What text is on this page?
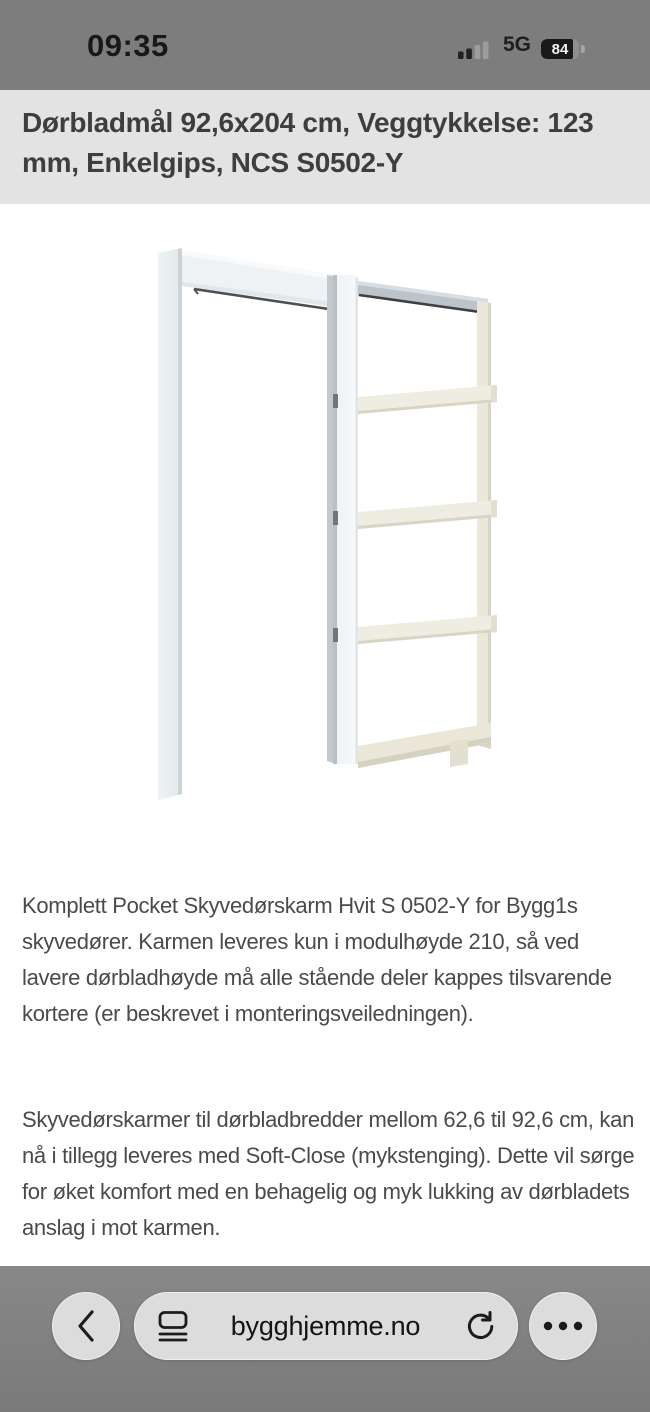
09:35	5G	84
Dørbladmål 92,6x204 cm, Veggtykkelse: 123
mm, Enkelgips, NCS S0502-Y

Komplett Pocket Skyvedørskarm Hvit S 0502-Y for Bygg1s skyvedører. Karmen leveres kun i modulhøyde 210, så ved lavere dørbladhøyde må alle stående deler kappes tilsvarende kortere (er beskrevet i monteringsveiledningen).

Skyvedørskarmer til dørbladbredder mellom 62,6 til 92,6 cm, kan nå i tillegg leveres med Soft-Close (mykstenging). Dette vil sørge for øket komfort med en behagelig og myk lukking av dørbladets anslag i mot karmen.

bygghjemme.no
